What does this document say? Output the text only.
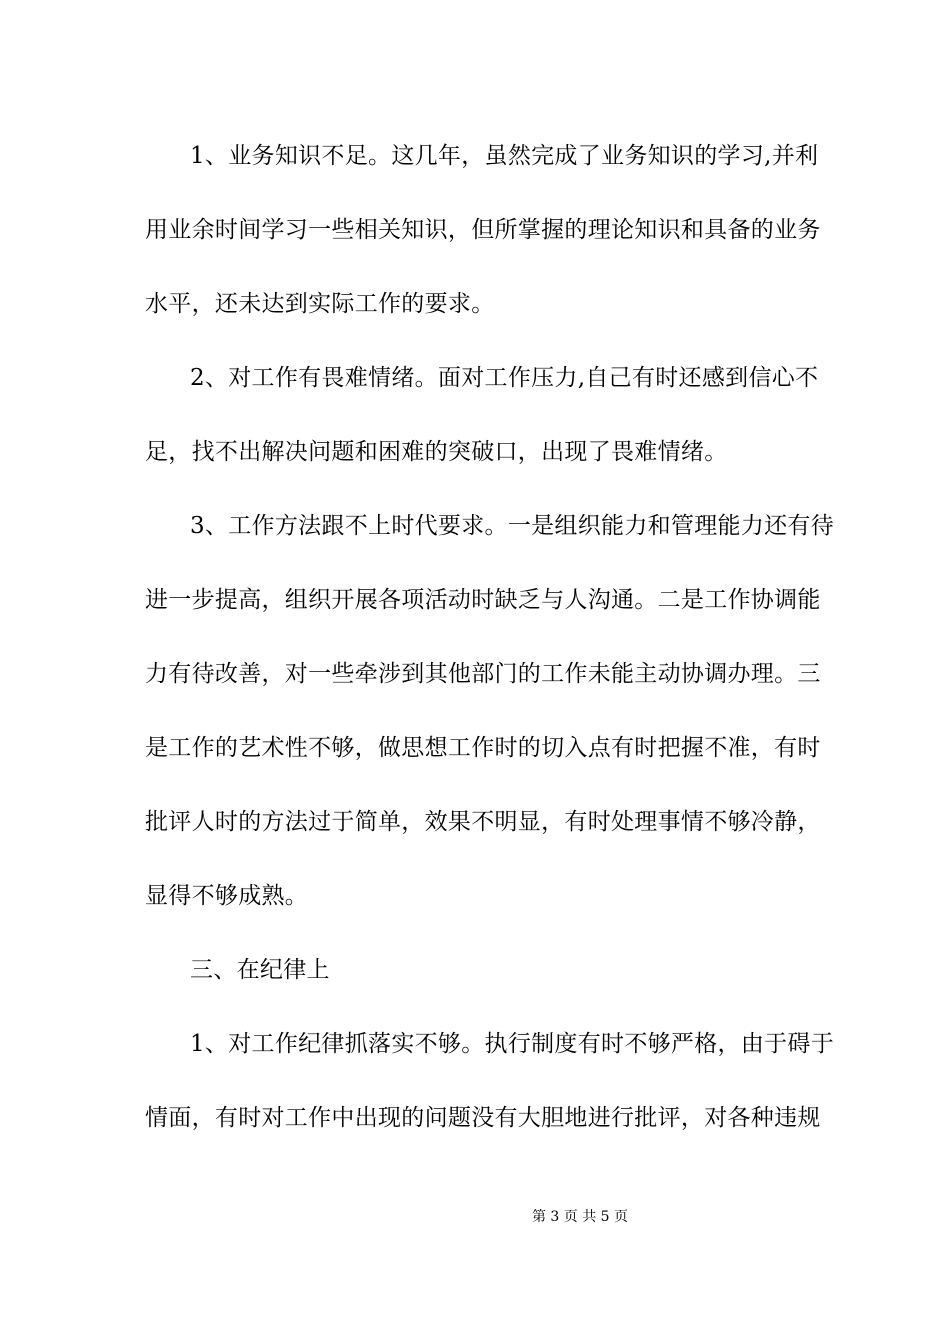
1、业务知识不足。这几年，虽然完成了业务知识的学习,并利
用业余时间学习一些相关知识，但所掌握的理论知识和具备的业务
水平，还未达到实际工作的要求。
2、对工作有畏难情绪。面对工作压力,自己有时还感到信心不
足，找不出解决问题和困难的突破口，出现了畏难情绪。
3、工作方法跟不上时代要求。一是组织能力和管理能力还有待
进一步提高，组织开展各项活动时缺乏与人沟通。二是工作协调能
力有待改善，对一些牵涉到其他部门的工作未能主动协调办理。三
是工作的艺术性不够，做思想工作时的切入点有时把握不准，有时
批评人时的方法过于简单，效果不明显，有时处理事情不够冷静，
显得不够成熟。
三、在纪律上
1、对工作纪律抓落实不够。执行制度有时不够严格，由于碍于
情面，有时对工作中出现的问题没有大胆地进行批评，对各种违规
第 3 页 共 5 页
